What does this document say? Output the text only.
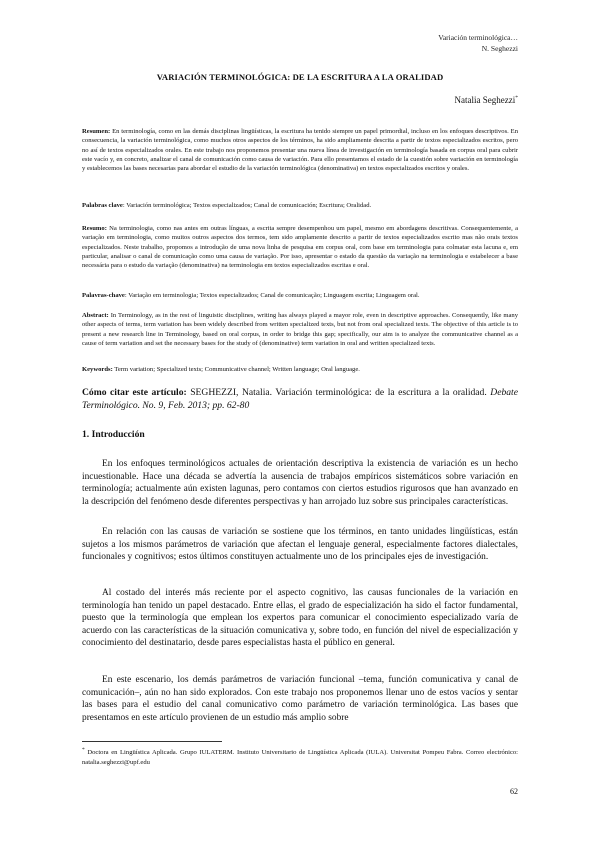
Variación terminológica…
N. Seghezzi
VARIACIÓN TERMINOLÓGICA: DE LA ESCRITURA A LA ORALIDAD
Natalia Seghezzi*
Resumen: En terminología, como en las demás disciplinas lingüísticas, la escritura ha tenido siempre un papel primordial, incluso en los enfoques descriptivos. En consecuencia, la variación terminológica, como muchos otros aspectos de los términos, ha sido ampliamente descrita a partir de textos especializados escritos, pero no así de textos especializados orales. En este trabajo nos proponemos presentar una nueva línea de investigación en terminología basada en corpus oral para cubrir este vacío y, en concreto, analizar el canal de comunicación como causa de variación. Para ello presentamos el estado de la cuestión sobre variación en terminología y establecemos las bases necesarias para abordar el estudio de la variación terminológica (denominativa) en textos especializados escritos y orales.
Palabras clave: Variación terminológica; Textos especializados; Canal de comunicación; Escritura; Oralidad.
Resumo: Na terminologia, como nas antes em outras línguas, a escrita sempre desempenhou um papel, mesmo em abordagens descritivas. Consequentemente, a variação em terminologia, como muitos outros aspectos dos termos, tem sido amplamente descrito a partir de textos especializados escrito mas não orais textos especializados. Neste trabalho, propomos a introdução de uma nova linha de pesquisa em corpus oral, com base em terminologia para colmatar esta lacuna e, em particular, analisar o canal de comunicação como uma causa de variação. Por isso, apresentar o estado da questão da variação na terminologia e estabelecer a base necessária para o estudo da variação (denominativa) na terminologia em textos especializados escritas e oral.
Palavras-chave: Variação em terminologia; Textos especializados; Canal de comunicação; Linguagem escrita; Linguagem oral.
Abstract: In Terminology, as in the rest of linguistic disciplines, writing has always played a mayor role, even in descriptive approaches. Consequently, like many other aspects of terms, term variation has been widely described from written specialized texts, but not from oral specialized texts. The objective of this article is to present a new research line in Terminology, based on oral corpus, in order to bridge this gap; specifically, our aim is to analyze the communicative channel as a cause of term variation and set the necessary bases for the study of (denominative) term variation in oral and written specialized texts.
Keywords: Term variation; Specialized texts; Communicative channel; Written language; Oral language.
Cómo citar este artículo: SEGHEZZI, Natalia. Variación terminológica: de la escritura a la oralidad. Debate Terminológico. No. 9, Feb. 2013; pp. 62-80
1. Introducción
En los enfoques terminológicos actuales de orientación descriptiva la existencia de variación es un hecho incuestionable. Hace una década se advertía la ausencia de trabajos empíricos sistemáticos sobre variación en terminología; actualmente aún existen lagunas, pero contamos con ciertos estudios rigurosos que han avanzado en la descripción del fenómeno desde diferentes perspectivas y han arrojado luz sobre sus principales características.
En relación con las causas de variación se sostiene que los términos, en tanto unidades lingüísticas, están sujetos a los mismos parámetros de variación que afectan el lenguaje general, especialmente factores dialectales, funcionales y cognitivos; estos últimos constituyen actualmente uno de los principales ejes de investigación.
Al costado del interés más reciente por el aspecto cognitivo, las causas funcionales de la variación en terminología han tenido un papel destacado. Entre ellas, el grado de especialización ha sido el factor fundamental, puesto que la terminología que emplean los expertos para comunicar el conocimiento especializado varía de acuerdo con las características de la situación comunicativa y, sobre todo, en función del nivel de especialización y conocimiento del destinatario, desde pares especialistas hasta el público en general.
En este escenario, los demás parámetros de variación funcional –tema, función comunicativa y canal de comunicación–, aún no han sido explorados. Con este trabajo nos proponemos llenar uno de estos vacíos y sentar las bases para el estudio del canal comunicativo como parámetro de variación terminológica. Las bases que presentamos en este artículo provienen de un estudio más amplio sobre
* Doctora en Lingüística Aplicada. Grupo IULATERM. Instituto Universitario de Lingüística Aplicada (IULA). Universitat Pompeu Fabra. Correo electrónico: natalia.seghezzi@upf.edu
62
